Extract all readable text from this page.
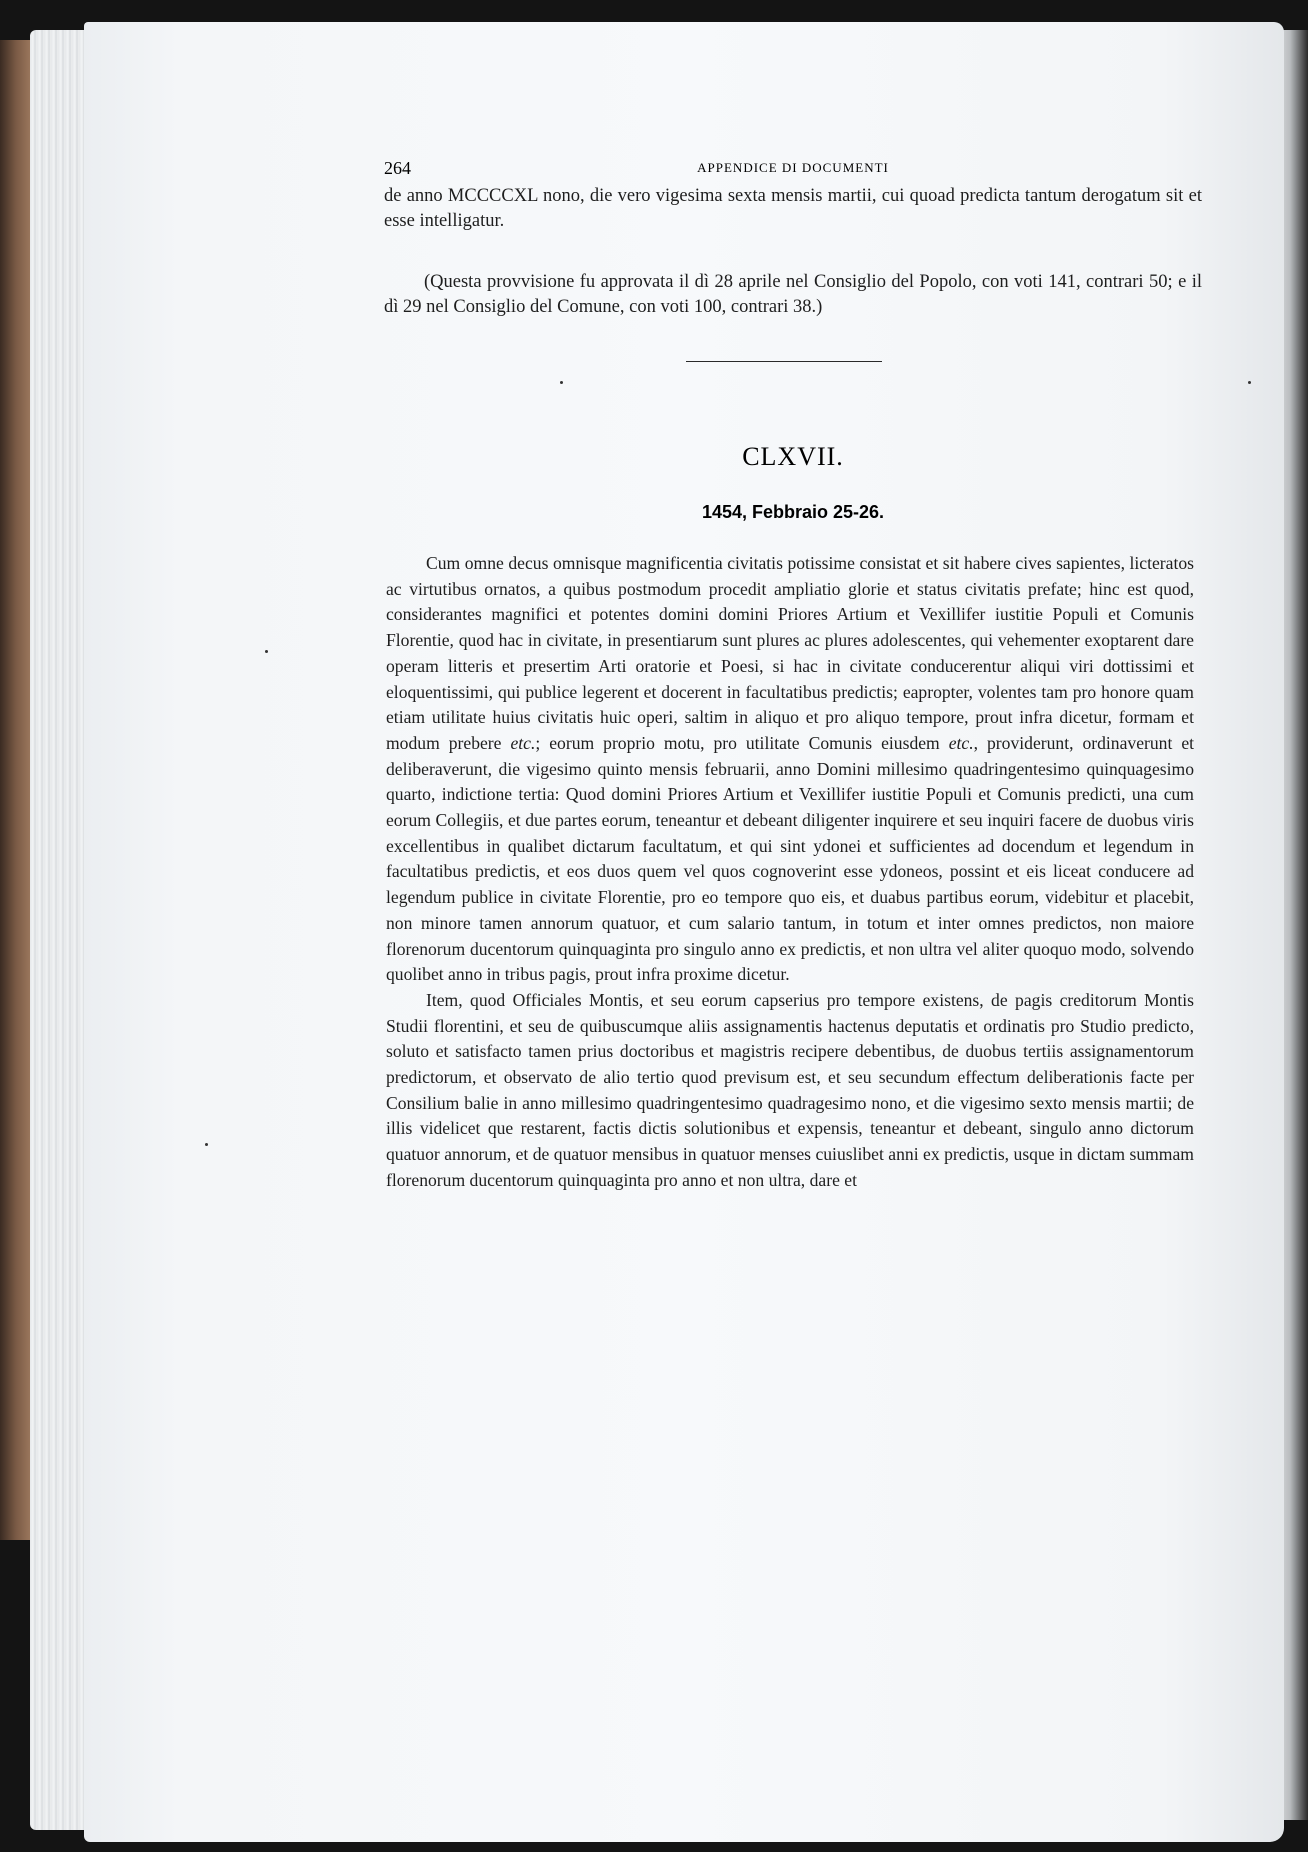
264	APPENDICE DI DOCUMENTI

de anno MCCCCXL nono, die vero vigesima sexta mensis martii, cui quoad predicta tantum derogatum sit et esse intelligatur.

(Questa provvisione fu approvata il dì 28 aprile nel Consiglio del Popolo, con voti 141, contrari 50; e il dì 29 nel Consiglio del Comune, con voti 100, contrari 38.)

CLXVII.
1454, Febbraio 25-26.

Cum omne decus omnisque magnificentia civitatis potissime consistat et sit habere cives sapientes, licteratos ac virtutibus ornatos, a quibus postmodum procedit ampliatio glorie et status civitatis prefate; hinc est quod, considerantes magnifici et potentes domini domini Priores Artium et Vexillifer iustitie Populi et Comunis Florentie, quod hac in civitate, in presentiarum sunt plures ac plures adolescentes, qui vehementer exoptarent dare operam litteris et presertim Arti oratorie et Poesi, si hac in civitate conducerentur aliqui viri dottissimi et eloquentissimi, qui publice legerent et docerent in facultatibus predictis; eapropter, volentes tam pro honore quam etiam utilitate huius civitatis huic operi, saltim in aliquo et pro aliquo tempore, prout infra dicetur, formam et modum prebere etc.; eorum proprio motu, pro utilitate Comunis eiusdem etc., providerunt, ordinaverunt et deliberaverunt, die vigesimo quinto mensis februarii, anno Domini millesimo quadringentesimo quinquagesimo quarto, indictione tertia: Quod domini Priores Artium et Vexillifer iustitie Populi et Comunis predicti, una cum eorum Collegiis, et due partes eorum, teneantur et debeant diligenter inquirere et seu inquiri facere de duobus viris excellentibus in qualibet dictarum facultatum, et qui sint ydonei et sufficientes ad docendum et legendum in facultatibus predictis, et eos duos quem vel quos cognoverint esse ydoneos, possint et eis liceat conducere ad legendum publice in civitate Florentie, pro eo tempore quo eis, et duabus partibus eorum, videbitur et placebit, non minore tamen annorum quatuor, et cum salario tantum, in totum et inter omnes predictos, non maiore florenorum ducentorum quinquaginta pro singulo anno ex predictis, et non ultra vel aliter quoquo modo, solvendo quolibet anno in tribus pagis, prout infra proxime dicetur.

Item, quod Officiales Montis, et seu eorum capserius pro tempore existens, de pagis creditorum Montis Studii florentini, et seu de quibuscumque aliis assignamentis hactenus deputatis et ordinatis pro Studio predicto, soluto et satisfacto tamen prius doctoribus et magistris recipere debentibus, de duobus tertiis assignamentorum predictorum, et observato de alio tertio quod previsum est, et seu secundum effectum deliberationis facte per Consilium balie in anno millesimo quadringentesimo quadragesimo nono, et die vigesimo sexto mensis martii; de illis videlicet que restarent, factis dictis solutionibus et expensis, teneantur et debeant, singulo anno dictorum quatuor annorum, et de quatuor mensibus in quatuor menses cuiuslibet anni ex predictis, usque in dictam summam florenorum ducentorum quinquaginta pro anno et non ultra, dare et
